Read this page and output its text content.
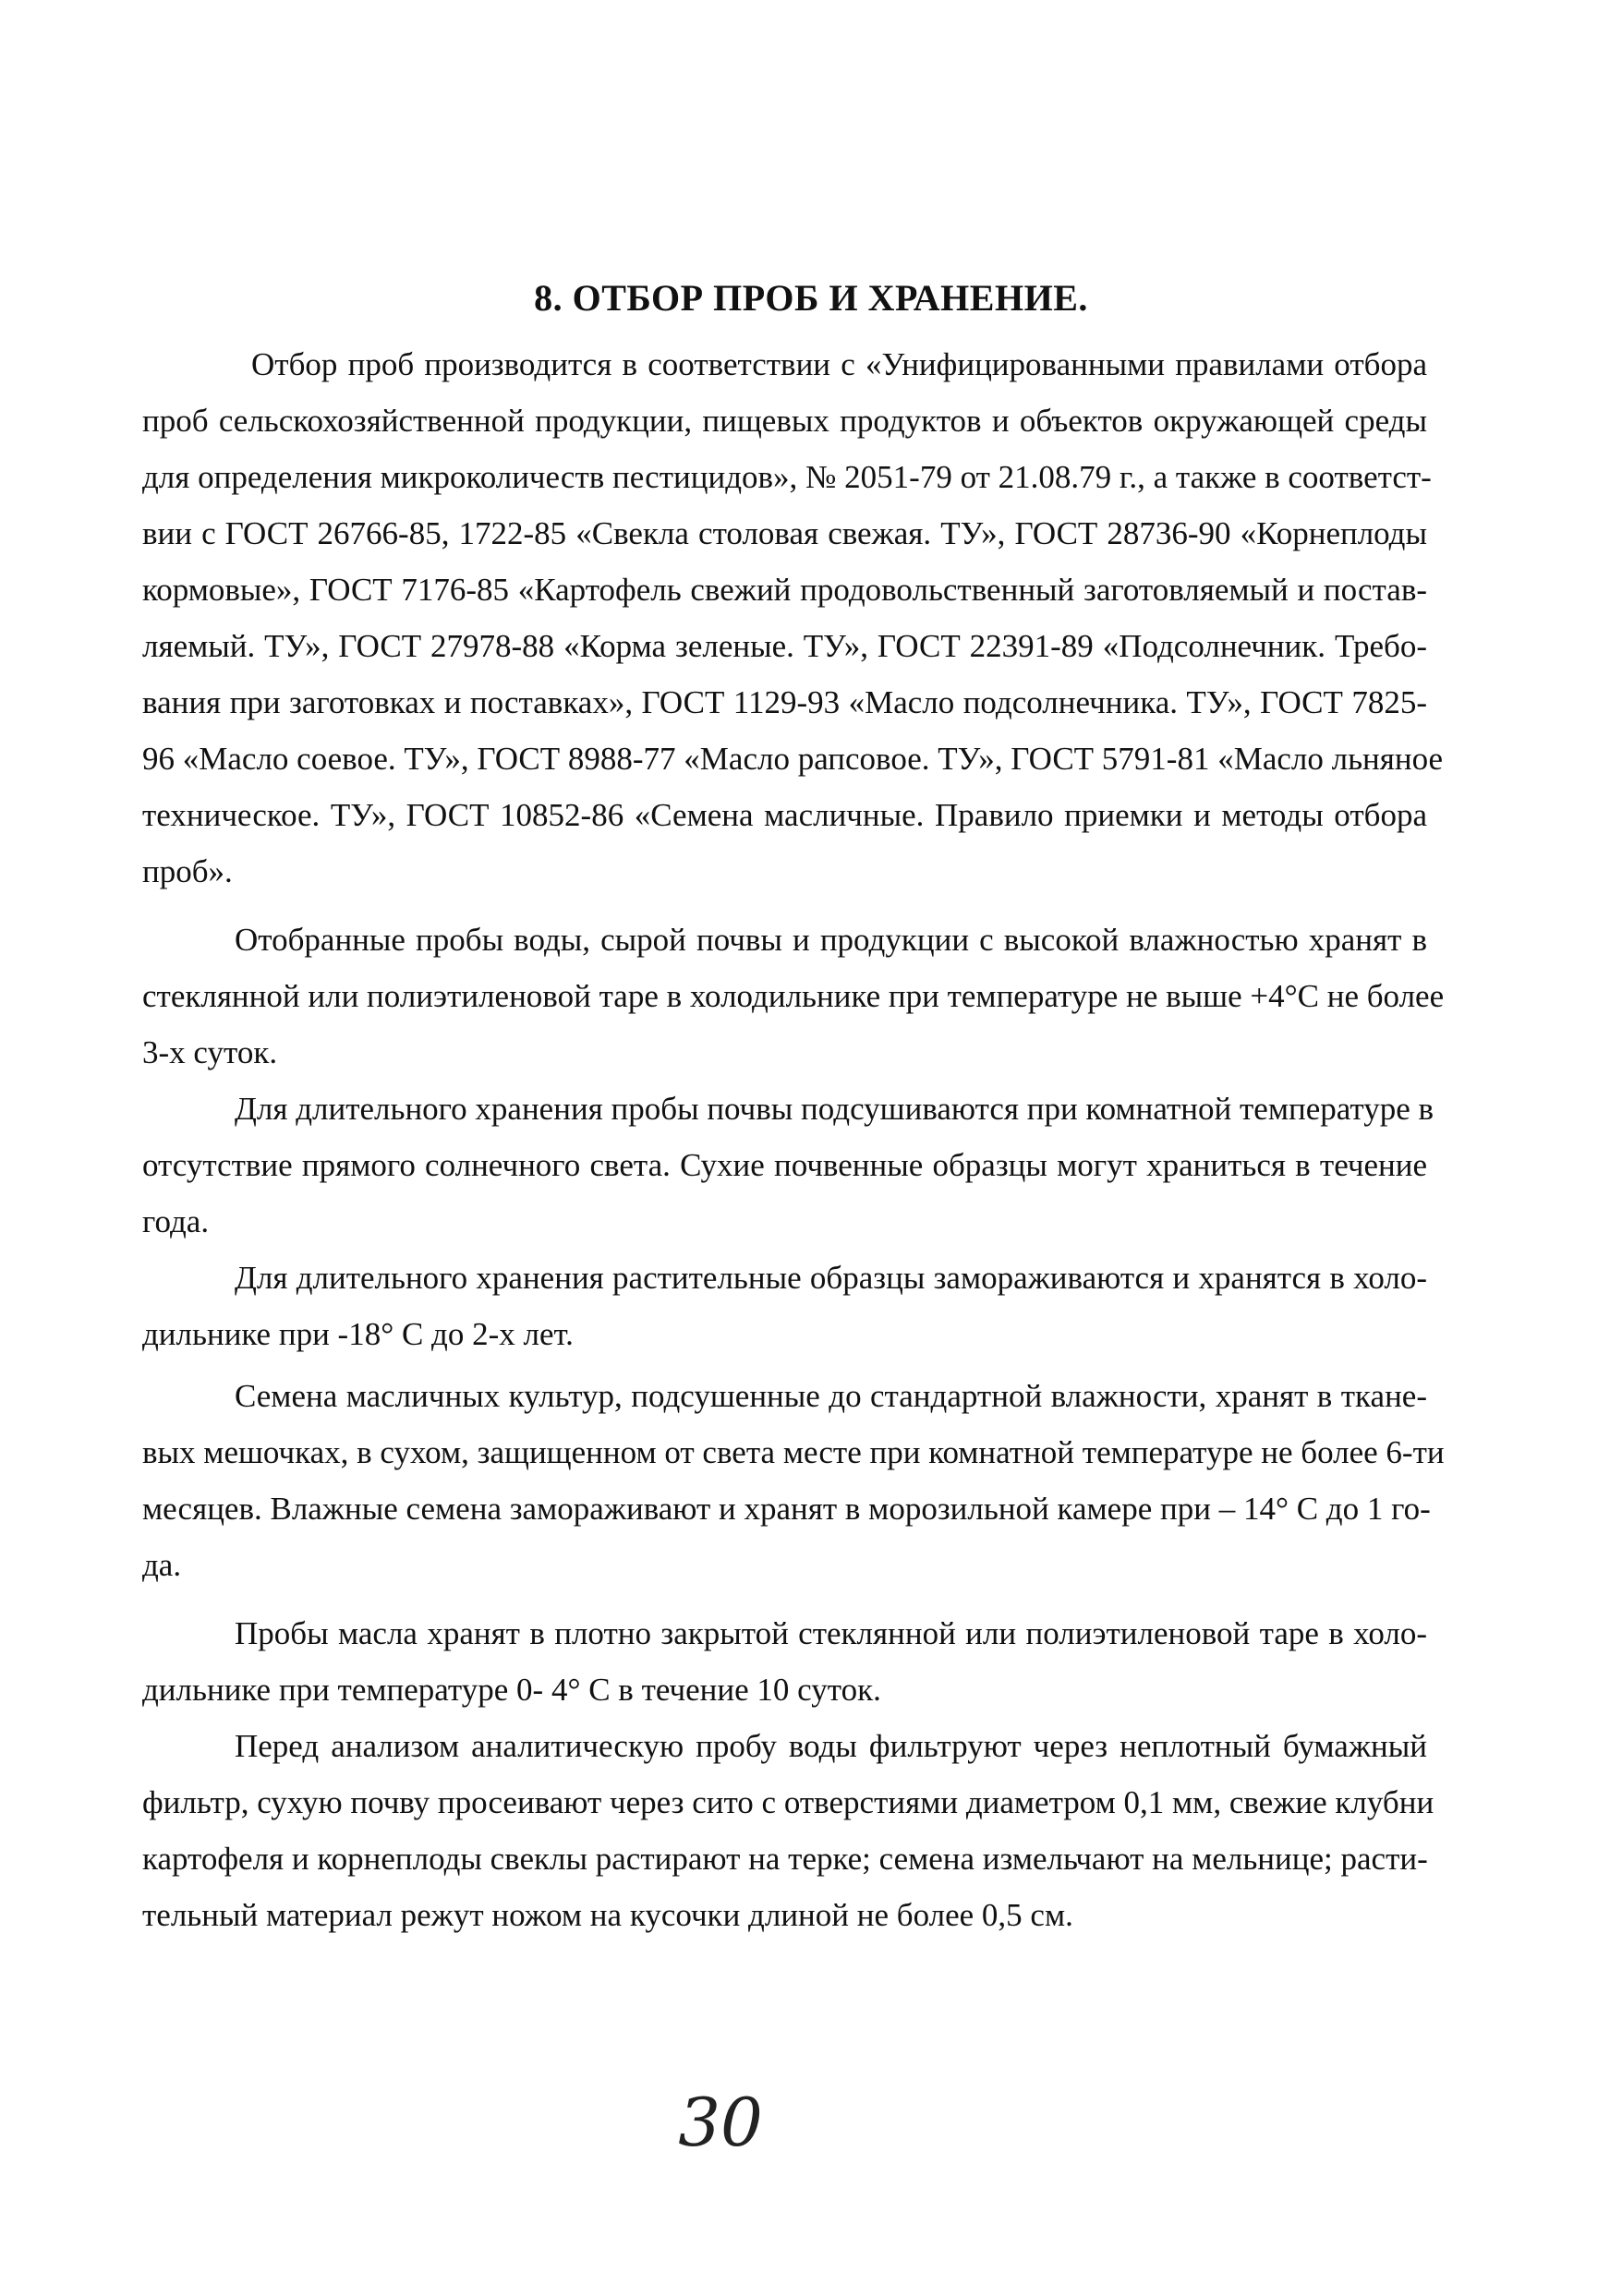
8. ОТБОР ПРОБ И ХРАНЕНИЕ.
Отбор проб производится в соответствии с «Унифицированными правилами отбора
проб сельскохозяйственной продукции, пищевых продуктов и объектов окружающей среды
для определения микроколичеств пестицидов», № 2051-79 от 21.08.79 г., а также в соответст-
вии с ГОСТ 26766-85, 1722-85 «Свекла столовая свежая. ТУ», ГОСТ 28736-90 «Корнеплоды
кормовые», ГОСТ 7176-85 «Картофель свежий продовольственный заготовляемый и постав-
ляемый. ТУ», ГОСТ 27978-88 «Корма зеленые. ТУ», ГОСТ 22391-89 «Подсолнечник. Требо-
вания при заготовках и поставках», ГОСТ 1129-93 «Масло подсолнечника. ТУ», ГОСТ 7825-
96 «Масло соевое. ТУ», ГОСТ 8988-77 «Масло рапсовое. ТУ», ГОСТ 5791-81 «Масло льняное
техническое. ТУ», ГОСТ 10852-86 «Семена масличные. Правило приемки и методы отбора
проб».
Отобранные пробы воды, сырой почвы и продукции с высокой влажностью хранят в
стеклянной или полиэтиленовой таре в холодильнике при температуре не выше +4°С не более
3-х суток.
Для длительного хранения пробы почвы подсушиваются при комнатной температуре в
отсутствие прямого солнечного света. Сухие почвенные образцы могут храниться в течение
года.
Для длительного хранения растительные образцы замораживаются и хранятся в холо-
дильнике при -18° С до 2-х лет.
Семена масличных культур, подсушенные до стандартной влажности, хранят в ткане-
вых мешочках, в сухом, защищенном от света месте при комнатной температуре не более 6-ти
месяцев. Влажные семена замораживают и хранят в морозильной камере при – 14° С до 1 го-
да.
Пробы масла хранят в плотно закрытой стеклянной или полиэтиленовой таре в холо-
дильнике при температуре 0- 4° С в течение 10 суток.
Перед анализом аналитическую пробу воды фильтруют через неплотный бумажный
фильтр, сухую почву просеивают через сито с отверстиями диаметром 0,1 мм, свежие клубни
картофеля и корнеплоды свеклы растирают на терке; семена измельчают на мельнице; расти-
тельный материал режут ножом на кусочки длиной не более 0,5 см.
30
